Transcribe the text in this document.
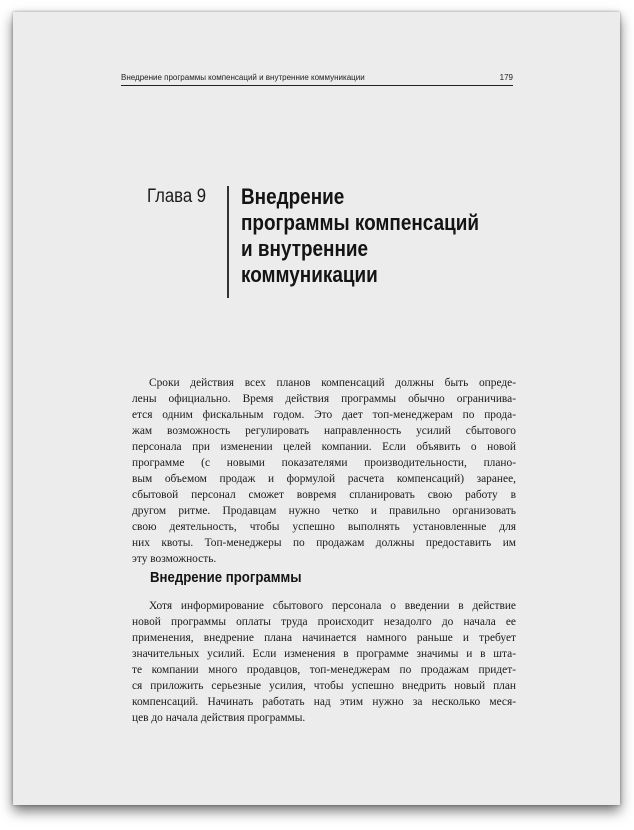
Внедрение программы компенсаций и внутренние коммуникации	179
Глава 9 Внедрение
программы компенсаций
и внутренние
коммуникации
Сроки действия всех планов компенсаций должны быть опреде-
лены официально. Время действия программы обычно ограничива-
ется одним фискальным годом. Это дает топ-менеджерам по прода-
жам возможность регулировать направленность усилий сбытового
персонала при изменении целей компании. Если объявить о новой
программе (с новыми показателями производительности, плано-
вым объемом продаж и формулой расчета компенсаций) заранее,
сбытовой персонал сможет вовремя спланировать свою работу в
другом ритме. Продавцам нужно четко и правильно организовать
свою деятельность, чтобы успешно выполнять установленные для
них квоты. Топ-менеджеры по продажам должны предоставить им
эту возможность.
Внедрение программы
Хотя информирование сбытового персонала о введении в действие
новой программы оплаты труда происходит незадолго до начала ее
применения, внедрение плана начинается намного раньше и требует
значительных усилий. Если изменения в программе значимы и в шта-
те компании много продавцов, топ-менеджерам по продажам придет-
ся приложить серьезные усилия, чтобы успешно внедрить новый план
компенсаций. Начинать работать над этим нужно за несколько меся-
цев до начала действия программы.
